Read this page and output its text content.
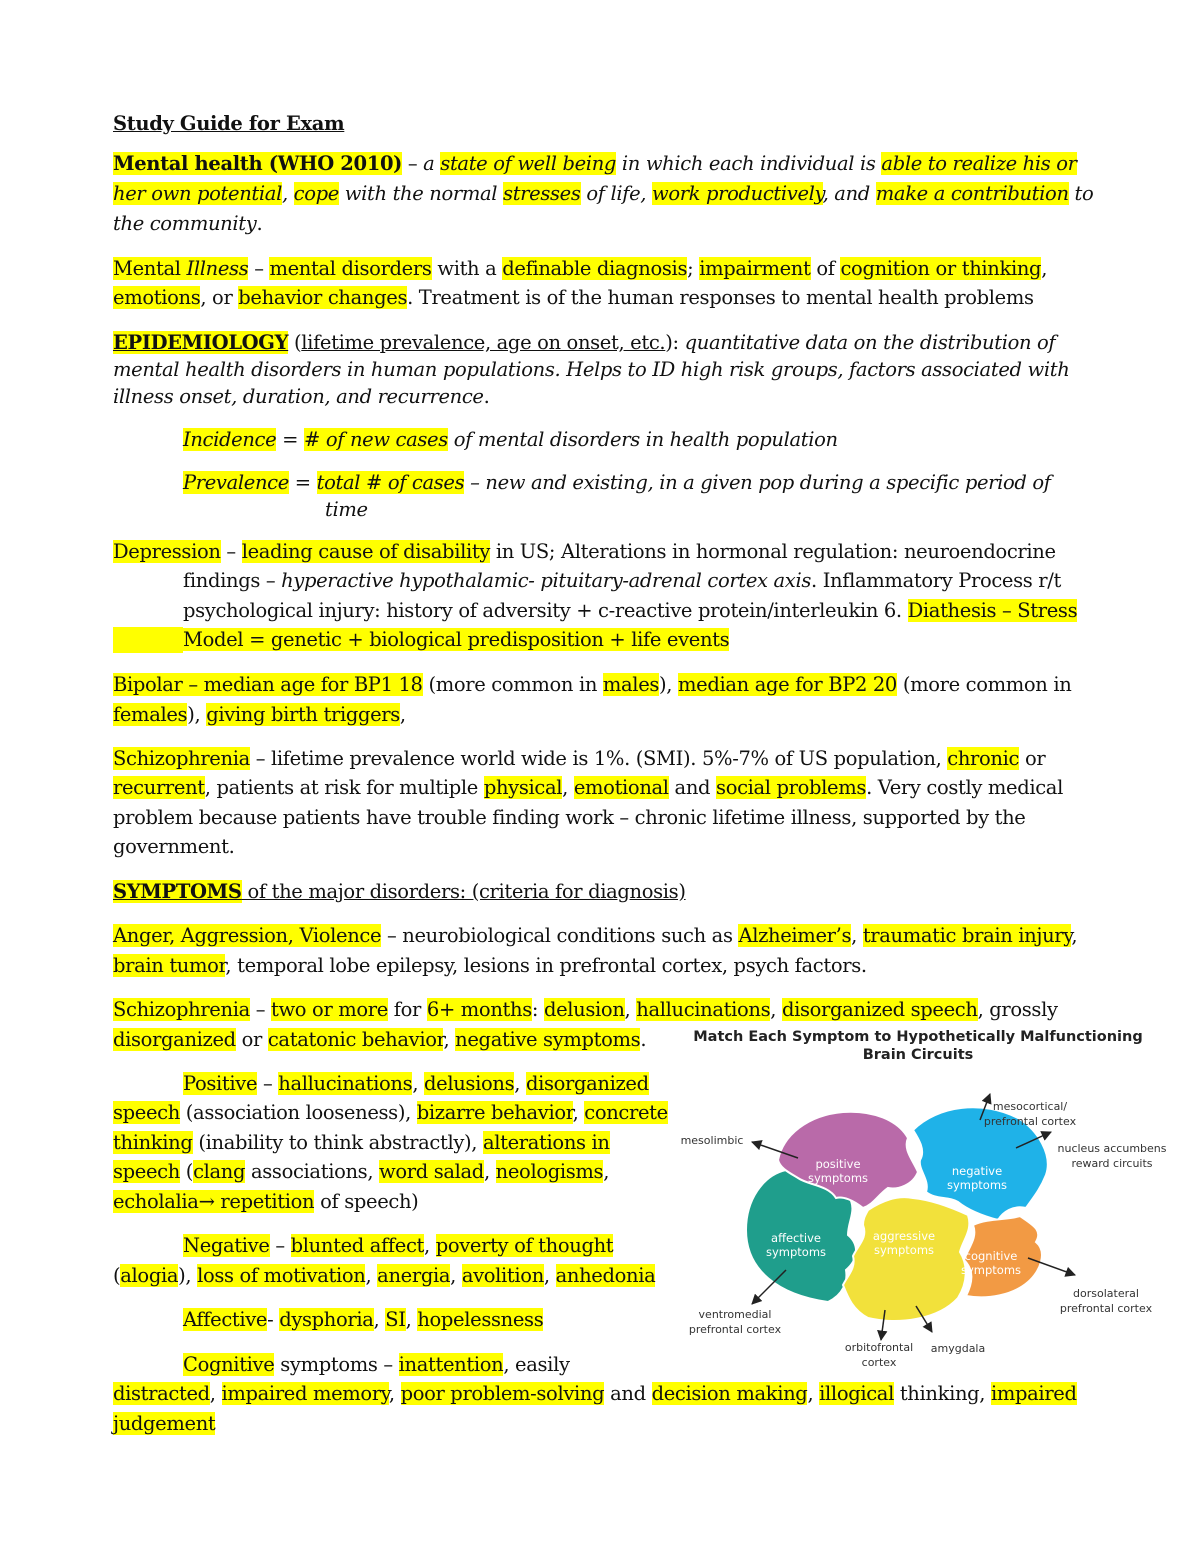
Study Guide for Exam
Mental health (WHO 2010) – a state of well being in which each individual is able to realize his or
her own potential, cope with the normal stresses of life, work productively, and make a contribution to
the community.
Mental Illness – mental disorders with a definable diagnosis; impairment of cognition or thinking,
emotions, or behavior changes. Treatment is of the human responses to mental health problems
EPIDEMIOLOGY (lifetime prevalence, age on onset, etc.): quantitative data on the distribution of
mental health disorders in human populations. Helps to ID high risk groups, factors associated with
illness onset, duration, and recurrence.
Incidence = # of new cases of mental disorders in health population
Prevalence = total # of cases – new and existing, in a given pop during a specific period of
time
Depression – leading cause of disability in US; Alterations in hormonal regulation: neuroendocrine
findings – hyperactive hypothalamic- pituitary-adrenal cortex axis. Inflammatory Process r/t
psychological injury: history of adversity + c-reactive protein/interleukin 6. Diathesis – Stress
Model = genetic + biological predisposition + life events
Bipolar – median age for BP1 18 (more common in males), median age for BP2 20 (more common in
females), giving birth triggers,
Schizophrenia – lifetime prevalence world wide is 1%. (SMI). 5%-7% of US population, chronic or
recurrent, patients at risk for multiple physical, emotional and social problems. Very costly medical
problem because patients have trouble finding work – chronic lifetime illness, supported by the
government.
SYMPTOMS of the major disorders: (criteria for diagnosis)
Anger, Aggression, Violence – neurobiological conditions such as Alzheimer’s, traumatic brain injury,
brain tumor, temporal lobe epilepsy, lesions in prefrontal cortex, psych factors.
Schizophrenia – two or more for 6+ months: delusion, hallucinations, disorganized speech, grossly
disorganized or catatonic behavior, negative symptoms.
Positive – hallucinations, delusions, disorganized
speech (association looseness), bizarre behavior, concrete
thinking (inability to think abstractly), alterations in
speech (clang associations, word salad, neologisms,
echolalia→ repetition of speech)
Negative – blunted affect, poverty of thought
(alogia), loss of motivation, anergia, avolition, anhedonia
Affective- dysphoria, SI, hopelessness
Cognitive symptoms – inattention, easily
distracted, impaired memory, poor problem-solving and decision making, illogical thinking, impaired
judgement
Match Each Symptom to Hypothetically Malfunctioning
Brain Circuits
positive
symptoms	negative
symptoms
affective
symptoms
aggressive
symptoms	cognitive
symptoms
mesolimbic
mesocortical/
prefrontal cortex
nucleus accumbens
reward circuits
dorsolateral
prefrontal cortex
ventromedial
prefrontal cortex
orbitofrontal
cortex
amygdala
